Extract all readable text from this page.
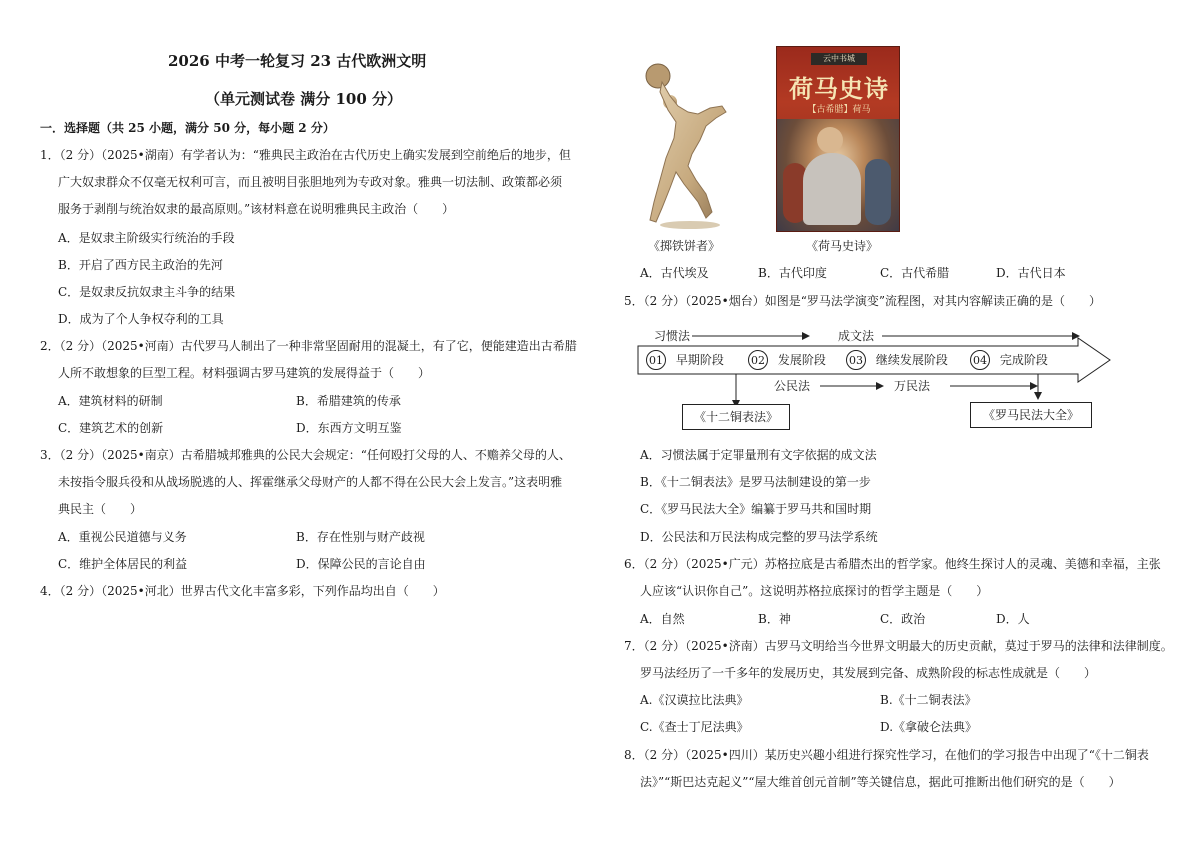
2026 中考一轮复习 23 古代欧洲文明
（单元测试卷 满分 100 分）
一．选择题（共 25 小题，满分 50 分，每小题 2 分）
1．（2 分）（2025•湖南）有学者认为：“雅典民主政治在古代历史上确实发展到空前绝后的地步，但
广大奴隶群众不仅毫无权利可言，而且被明目张胆地列为专政对象。雅典一切法制、政策都必须
服务于剥削与统治奴隶的最高原则。”该材料意在说明雅典民主政治（　　）
A．是奴隶主阶级实行统治的手段
B．开启了西方民主政治的先河
C．是奴隶反抗奴隶主斗争的结果
D．成为了个人争权夺利的工具
2．（2 分）（2025•河南）古代罗马人制出了一种非常坚固耐用的混凝土，有了它，便能建造出古希腊
人所不敢想象的巨型工程。材料强调古罗马建筑的发展得益于（　　）
A．建筑材料的研制	B．希腊建筑的传承
C．建筑艺术的创新	D．东西方文明互鉴
3．（2 分）（2025•南京）古希腊城邦雅典的公民大会规定：“任何殴打父母的人、不赡养父母的人、
未按指令服兵役和从战场脱逃的人、挥霍继承父母财产的人都不得在公民大会上发言。”这表明雅
典民主（　　）
A．重视公民道德与义务	B．存在性别与财产歧视
C．维护全体居民的利益	D．保障公民的言论自由
4．（2 分）（2025•河北）世界古代文化丰富多彩，下列作品均出自（　　）
云中书城
荷马史诗
【古希腊】荷马
《掷铁饼者》	《荷马史诗》
A．古代埃及	B．古代印度	C．古代希腊	D．古代日本
5．（2 分）（2025•烟台）如图是“罗马法学演变”流程图，对其内容解读正确的是（　　）
习惯法	成文法
01 早期阶段 02 发展阶段 03 继续发展阶段 04 完成阶段
公民法	万民法
《十二铜表法》	《罗马民法大全》
A．习惯法属于定罪量刑有文字依据的成文法
B．《十二铜表法》是罗马法制建设的第一步
C．《罗马民法大全》编纂于罗马共和国时期
D．公民法和万民法构成完整的罗马法学系统
6．（2 分）（2025•广元）苏格拉底是古希腊杰出的哲学家。他终生探讨人的灵魂、美德和幸福，主张
人应该“认识你自己”。这说明苏格拉底探讨的哲学主题是（　　）
A．自然	B．神	C．政治	D．人
7．（2 分）（2025•济南）古罗马文明给当今世界文明最大的历史贡献，莫过于罗马的法律和法律制度。
罗马法经历了一千多年的发展历史，其发展到完备、成熟阶段的标志性成就是（　　）
A.《汉谟拉比法典》	B.《十二铜表法》
C.《查士丁尼法典》	D.《拿破仑法典》
8．（2 分）（2025•四川）某历史兴趣小组进行探究性学习，在他们的学习报告中出现了“《十二铜表
法》”“斯巴达克起义”“屋大维首创元首制”等关键信息，据此可推断出他们研究的是（　　）
